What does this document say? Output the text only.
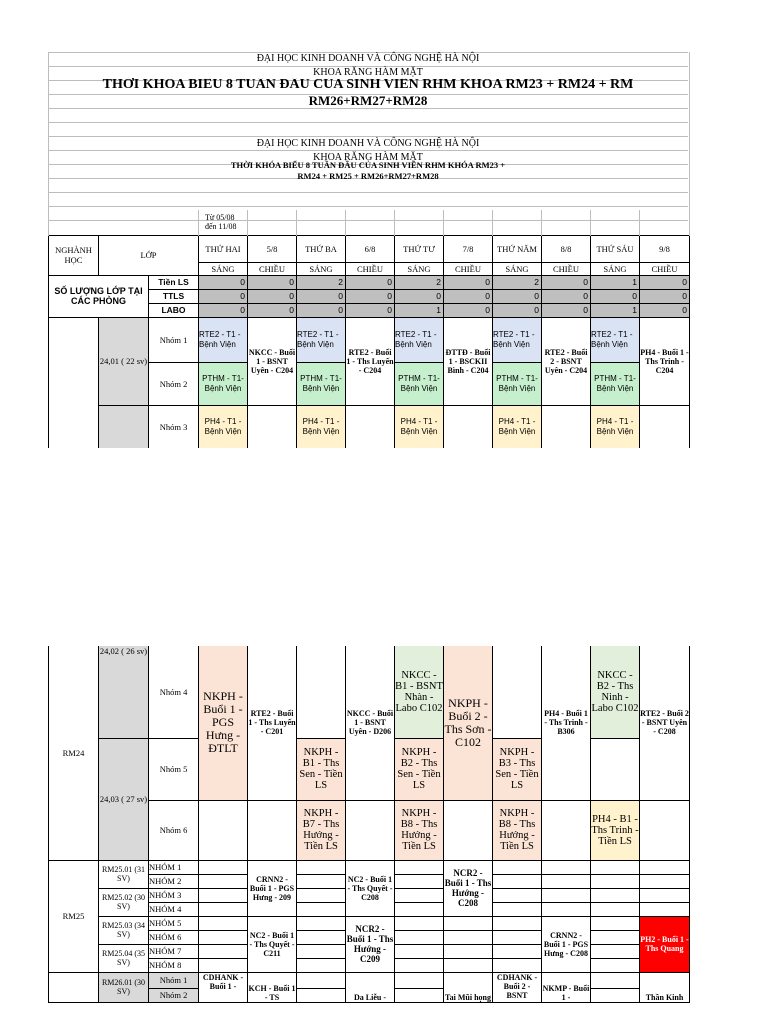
ĐẠI HỌC KINH DOANH VÀ CÔNG NGHỆ HÀ NỘI
KHOA RĂNG HÀM MẶT
ĐẠI HỌC KINH DOANH VÀ CÔNG NGHỆ HÀ NỘI
KHOA RĂNG HÀM MẶT
THỜI KHÓA BIỂU 8 TUẦN ĐẦU CỦA SINH VIÊN RHM KHÓA RM23 + RM24 + RM
RM26+RM27+RM28
THỜI KHÓA BIỂU 8 TUẦN ĐẦU CỦA SINH VIÊN RHM KHÓA RM23 +
RM24 + RM25 + RM26+RM27+RM28
			Từ 05/08 đến 11/08									
NGHÀNH HỌC	LỚP		THỨ HAI	5/8	THỨ BA	6/8	THỨ TƯ	7/8	THỨ NĂM	8/8	THỨ SÁU	9/8
			SÁNG	CHIỀU	SÁNG	CHIỀU	SÁNG	CHIỀU	SÁNG	CHIỀU	SÁNG	CHIỀU
SỐ LƯỢNG LỚP TẠI CÁC PHÒNG		Tiền LS	0	0	2	0	2	0	2	0	1	0
		TTLS	0	0	0	0	0	0	0	0	0	0
		LABO	0	0	0	0	1	0	0	0	1	0
	24,01 ( 22 sv)	Nhóm 1	RTE2 - T1 - Bệnh Viện	NKCC - Buổi 1 - BSNT Uyên - C204	RTE2 - T1 - Bệnh Viện	RTE2 - Buổi 1 - Ths Luyến - C204	RTE2 - T1 - Bệnh Viện	ĐTTĐ - Buổi 1 - BSCKII Bình - C204	RTE2 - T1 - Bệnh Viện	RTE2 - Buổi 2 - BSNT Uyên - C204	RTE2 - T1 - Bệnh Viện	PH4 - Buổi 1 - Ths Trinh - C204
		Nhóm 2	PTHM - T1- Bệnh Viện		PTHM - T1- Bệnh Viện		PTHM - T1- Bệnh Viện		PTHM - T1- Bệnh Viện		PTHM - T1- Bệnh Viện	
		Nhóm 3	PH4 - T1 - Bệnh Viện		PH4 - T1 - Bệnh Viện		PH4 - T1 - Bệnh Viện		PH4 - T1 - Bệnh Viện		PH4 - T1 - Bệnh Viện	
RM24	24,02 ( 26 sv)	Nhóm 4	NKPH - Buổi 1 - PGS Hưng - ĐTLT	RTE2 - Buổi 1 - Ths Luyến - C201		NKCC - Buổi 1 - BSNT Uyên - D206	NKCC - B1 - BSNT Nhàn - Labo C102	NKPH - Buổi 2 - Ths Sơn - C102		PH4 - Buổi 1 - Ths Trinh - B306	NKCC - B2 - Ths Ninh - Labo C102	RTE2 - Buổi 2 - BSNT Uyên - C208
	24,03 ( 27 sv)	Nhóm 5			NKPH - B1 - Ths Sen - Tiền LS		NKPH - B2 - Ths Sen - Tiền LS		NKPH - B3 - Ths Sen - Tiền LS			
		Nhóm 6			NKPH - B7 - Ths Hướng - Tiền LS		NKPH - B8 - Ths Hướng - Tiền LS		NKPH - B8 - Ths Hướng - Tiền LS		PH4 - B1 - Ths Trinh - Tiền LS	
RM25	RM25.01 (31 SV)	NHÓM 1		CRNN2 - Buổi 1 - PGS Hưng - 209		NC2 - Buổi 1 - Ths Quyết - C208		NCR2 - Buổi 1 - Ths Hướng - C208				
		NHÓM 2										
	RM25.02 (30 SV)	NHÓM 3										
		NHÓM 4										
	RM25.03 (34 SV)	NHÓM 5		NC2 - Buổi 1 - Ths Quyết - C211		NCR2 - Buổi 1 - Ths Hướng - C209				CRNN2 - Buổi 1 - PGS Hưng - C208		PH2 - Buổi 1 - Ths Quang
		NHÓM 6										
	RM25.04 (35 SV)	NHÓM 7										
		NHÓM 8										
	RM26.01 (30 SV)	Nhóm 1	CDHANK - Buổi 1 -	KCH - Buổi 1 - TS		Da Liễu -		Tai Mũi họng	CDHANK - Buổi 2 - BSNT	NKMP - Buổi 1 -		Thần Kinh
		Nhóm 2										
